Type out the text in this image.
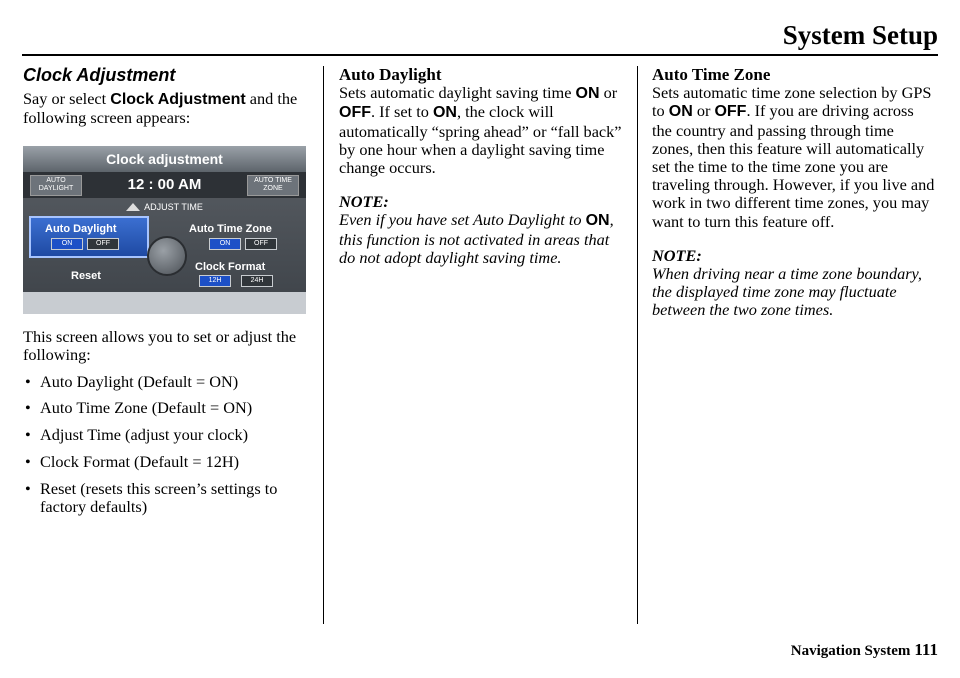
System Setup
Clock Adjustment

Say or select Clock Adjustment and the following screen appears:

Clock adjustment
12 : 00 AM
AUTO DAYLIGHT
AUTO TIME ZONE
ADJUST TIME
Auto Daylight
ON	OFF
Auto Time Zone
ON	OFF
Clock Format
12H	24H
Reset

This screen allows you to set or adjust the following:

• Auto Daylight (Default = ON)
• Auto Time Zone (Default = ON)
• Adjust Time (adjust your clock)
• Clock Format (Default = 12H)
• Reset (resets this screen’s settings to factory defaults)
Auto Daylight

Sets automatic daylight saving time ON or OFF. If set to ON, the clock will automatically “spring ahead” or “fall back” by one hour when a daylight saving time change occurs.

NOTE:

Even if you have set Auto Daylight to ON, this function is not activated in areas that do not adopt daylight saving time.

Auto Time Zone

Sets automatic time zone selection by GPS to ON or OFF. If you are driving across the country and passing through time zones, then this feature will automatically set the time to the time zone you are traveling through. However, if you live and work in two different time zones, you may want to turn this feature off.

NOTE:

When driving near a time zone boundary, the displayed time zone may fluctuate between the two zone times.

Navigation System 111
